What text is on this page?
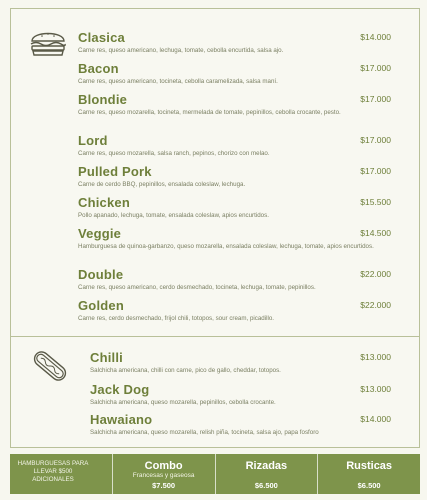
Clasica	$14.000
Carne res, queso americano, lechuga, tomate, cebolla encurtida, salsa ajo.
Bacon	$17.000
Carne res, queso americano, tocineta, cebolla caramelizada, salsa maní.
Blondie	$17.000
Carne res, queso mozarella, tocineta, mermelada de tomate, pepinillos, cebolla crocante, pesto.
Lord	$17.000
Carne res, queso mozarella, salsa ranch, pepinos, chorizo con melao.
Pulled Pork	$17.000
Carne de cerdo BBQ, pepinillos, ensalada coleslaw, lechuga.
Chicken	$15.500
Pollo apanado, lechuga, tomate, ensalada coleslaw, apios encurtidos.
Veggie	$14.500
Hamburguesa de quinoa-garbanzo, queso mozarella, ensalada coleslaw, lechuga, tomate, apios encurtidos.
Double	$22.000
Carne res, queso americano, cerdo desmechado, tocineta, lechuga, tomate, pepinillos.
Golden	$22.000
Carne res, cerdo desmechado, frijol chili, totopos, sour cream, picadillo.
Chilli	$13.000
Salchicha americana, chilli con carne, pico de gallo, cheddar, totopos.
Jack Dog	$13.000
Salchicha americana, queso mozarella, pepinillos, cebolla crocante.
Hawaiano	$14.000
Salchicha americana, queso mozarella, relish piña, tocineta, salsa ajo, papa fosforo
HAMBURGUESAS PARA LLEVAR $500 ADICIONALES
Combo
Francesas y gaseosa
$7.500
Rizadas
$6.500
Rusticas
$6.500
